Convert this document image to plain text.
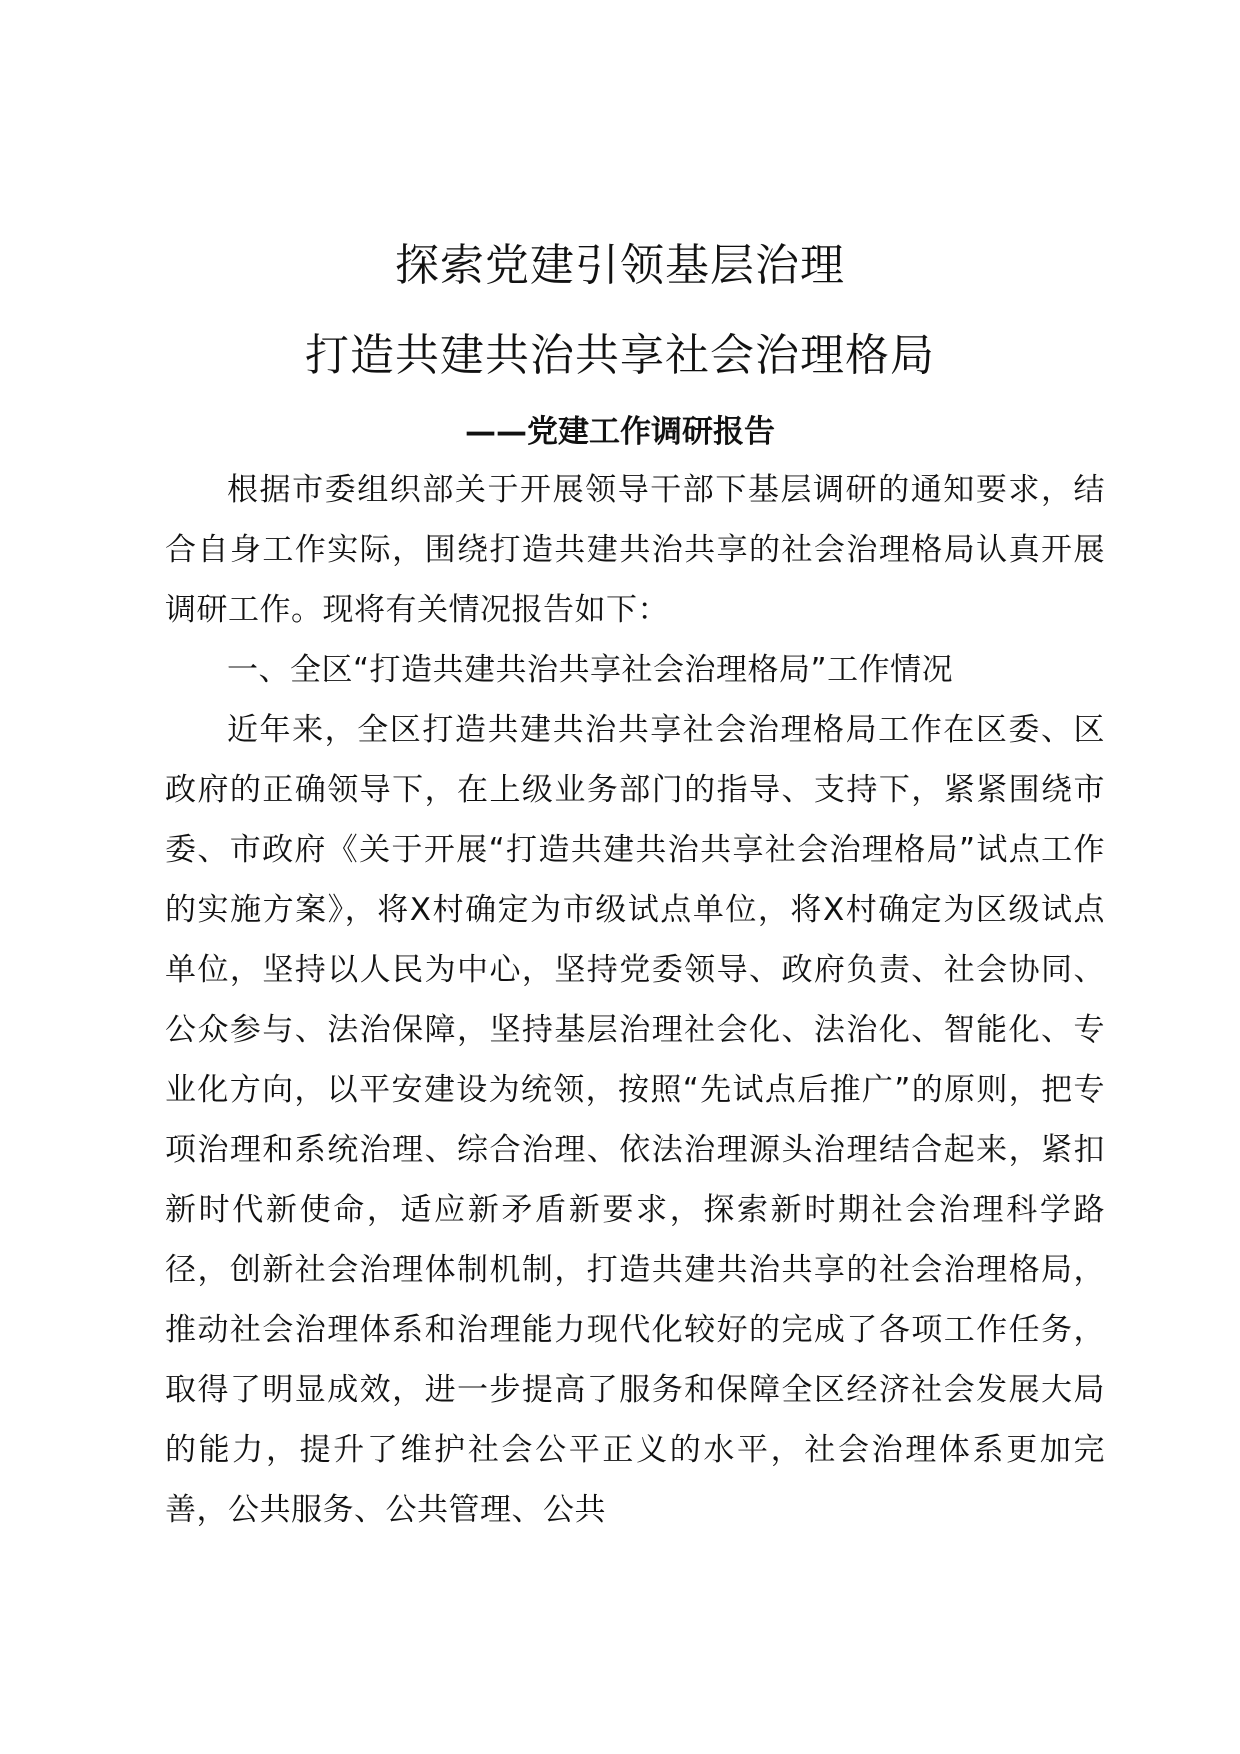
探索党建引领基层治理
打造共建共治共享社会治理格局
——党建工作调研报告

根据市委组织部关于开展领导干部下基层调研的通知要求，结合自身工作实际，围绕打造共建共治共享的社会治理格局认真开展调研工作。现将有关情况报告如下：

一、全区“打造共建共治共享社会治理格局”工作情况

近年来，全区打造共建共治共享社会治理格局工作在区委、区政府的正确领导下，在上级业务部门的指导、支持下，紧紧围绕市委、市政府《关于开展“打造共建共治共享社会治理格局”试点工作的实施方案》，将X村确定为市级试点单位，将X村确定为区级试点单位，坚持以人民为中心，坚持党委领导、政府负责、社会协同、公众参与、法治保障，坚持基层治理社会化、法治化、智能化、专业化方向，以平安建设为统领，按照“先试点后推广”的原则，把专项治理和系统治理、综合治理、依法治理源头治理结合起来，紧扣新时代新使命，适应新矛盾新要求，探索新时期社会治理科学路径，创新社会治理体制机制，打造共建共治共享的社会治理格局，推动社会治理体系和治理能力现代化较好的完成了各项工作任务，取得了明显成效，进一步提高了服务和保障全区经济社会发展大局的能力，提升了维护社会公平正义的水平，社会治理体系更加完善，公共服务、公共管理、公共
